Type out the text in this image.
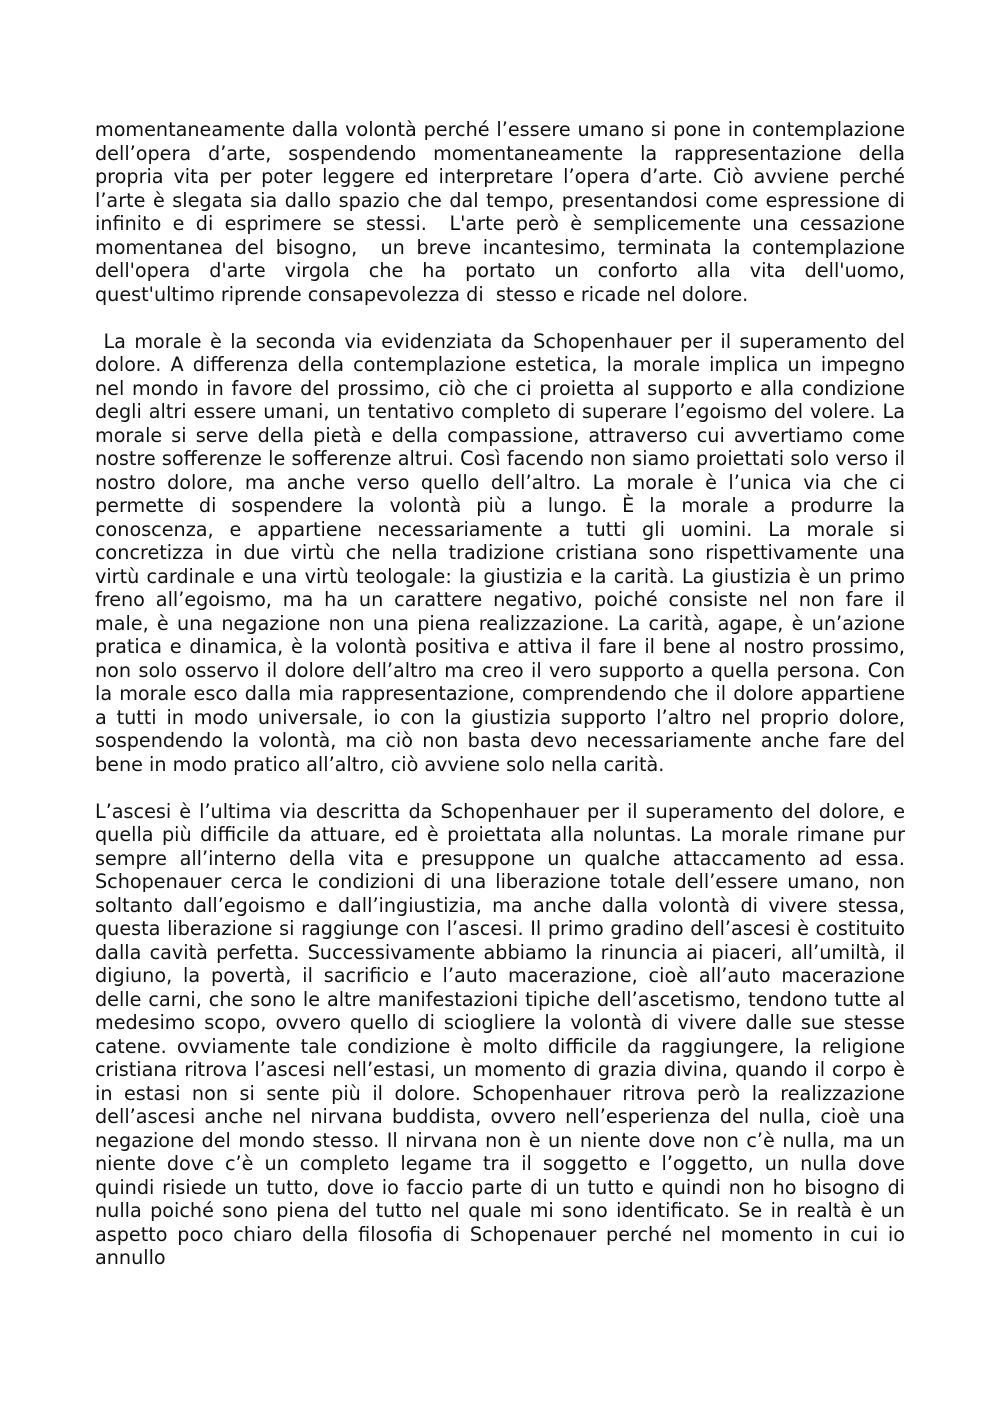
momentaneamente dalla volontà perché l’essere umano si pone in contemplazione dell’opera d’arte, sospendendo momentaneamente la rappresentazione della propria vita per poter leggere ed interpretare l’opera d’arte. Ciò avviene perché l’arte è slegata sia dallo spazio che dal tempo, presentandosi come espressione di infinito e di esprimere se stessi.  L'arte però è semplicemente una cessazione momentanea del bisogno,  un breve incantesimo, terminata la contemplazione dell'opera d'arte virgola che ha portato un conforto alla vita dell'uomo,  quest'ultimo riprende consapevolezza di  stesso e ricade nel dolore.

La morale è la seconda via evidenziata da Schopenhauer per il superamento del dolore. A differenza della contemplazione estetica, la morale implica un impegno nel mondo in favore del prossimo, ciò che ci proietta al supporto e alla condizione degli altri essere umani, un tentativo completo di superare l’egoismo del volere. La morale si serve della pietà e della compassione, attraverso cui avvertiamo come nostre sofferenze le sofferenze altrui. Così facendo non siamo proiettati solo verso il nostro dolore, ma anche verso quello dell’altro. La morale è l’unica via che ci permette di sospendere la volontà più a lungo. È la morale a produrre la conoscenza, e appartiene necessariamente a tutti gli uomini. La morale si concretizza in due virtù che nella tradizione cristiana sono rispettivamente una virtù cardinale e una virtù teologale: la giustizia e la carità. La giustizia è un primo freno all’egoismo, ma ha un carattere negativo, poiché consiste nel non fare il male, è una negazione non una piena realizzazione. La carità, agape, è un’azione pratica e dinamica, è la volontà positiva e attiva il fare il bene al nostro prossimo, non solo osservo il dolore dell’altro ma creo il vero supporto a quella persona. Con la morale esco dalla mia rappresentazione, comprendendo che il dolore appartiene a tutti in modo universale, io con la giustizia supporto l’altro nel proprio dolore, sospendendo la volontà, ma ciò non basta devo necessariamente anche fare del bene in modo pratico all’altro, ciò avviene solo nella carità.

L’ascesi è l’ultima via descritta da Schopenhauer per il superamento del dolore, e quella più difficile da attuare, ed è proiettata alla noluntas. La morale rimane pur sempre all’interno della vita e presuppone un qualche attaccamento ad essa. Schopenauer cerca le condizioni di una liberazione totale dell’essere umano, non soltanto dall’egoismo e dall’ingiustizia, ma anche dalla volontà di vivere stessa, questa liberazione si raggiunge con l’ascesi. Il primo gradino dell’ascesi è costituito dalla cavità perfetta. Successivamente abbiamo la rinuncia ai piaceri, all’umiltà, il digiuno, la povertà, il sacrificio e l’auto macerazione, cioè all’auto macerazione delle carni, che sono le altre manifestazioni tipiche dell’ascetismo, tendono tutte al medesimo scopo, ovvero quello di sciogliere la volontà di vivere dalle sue stesse catene. ovviamente tale condizione è molto difficile da raggiungere, la religione cristiana ritrova l’ascesi nell’estasi, un momento di grazia divina, quando il corpo è in estasi non si sente più il dolore. Schopenhauer ritrova però la realizzazione dell’ascesi anche nel nirvana buddista, ovvero nell’esperienza del nulla, cioè una negazione del mondo stesso. Il nirvana non è un niente dove non c’è nulla, ma un niente dove c’è un completo legame tra il soggetto e l’oggetto, un nulla dove quindi risiede un tutto, dove io faccio parte di un tutto e quindi non ho bisogno di nulla poiché sono piena del tutto nel quale mi sono identificato. Se in realtà è un aspetto poco chiaro della filosofia di Schopenauer perché nel momento in cui io annullo
